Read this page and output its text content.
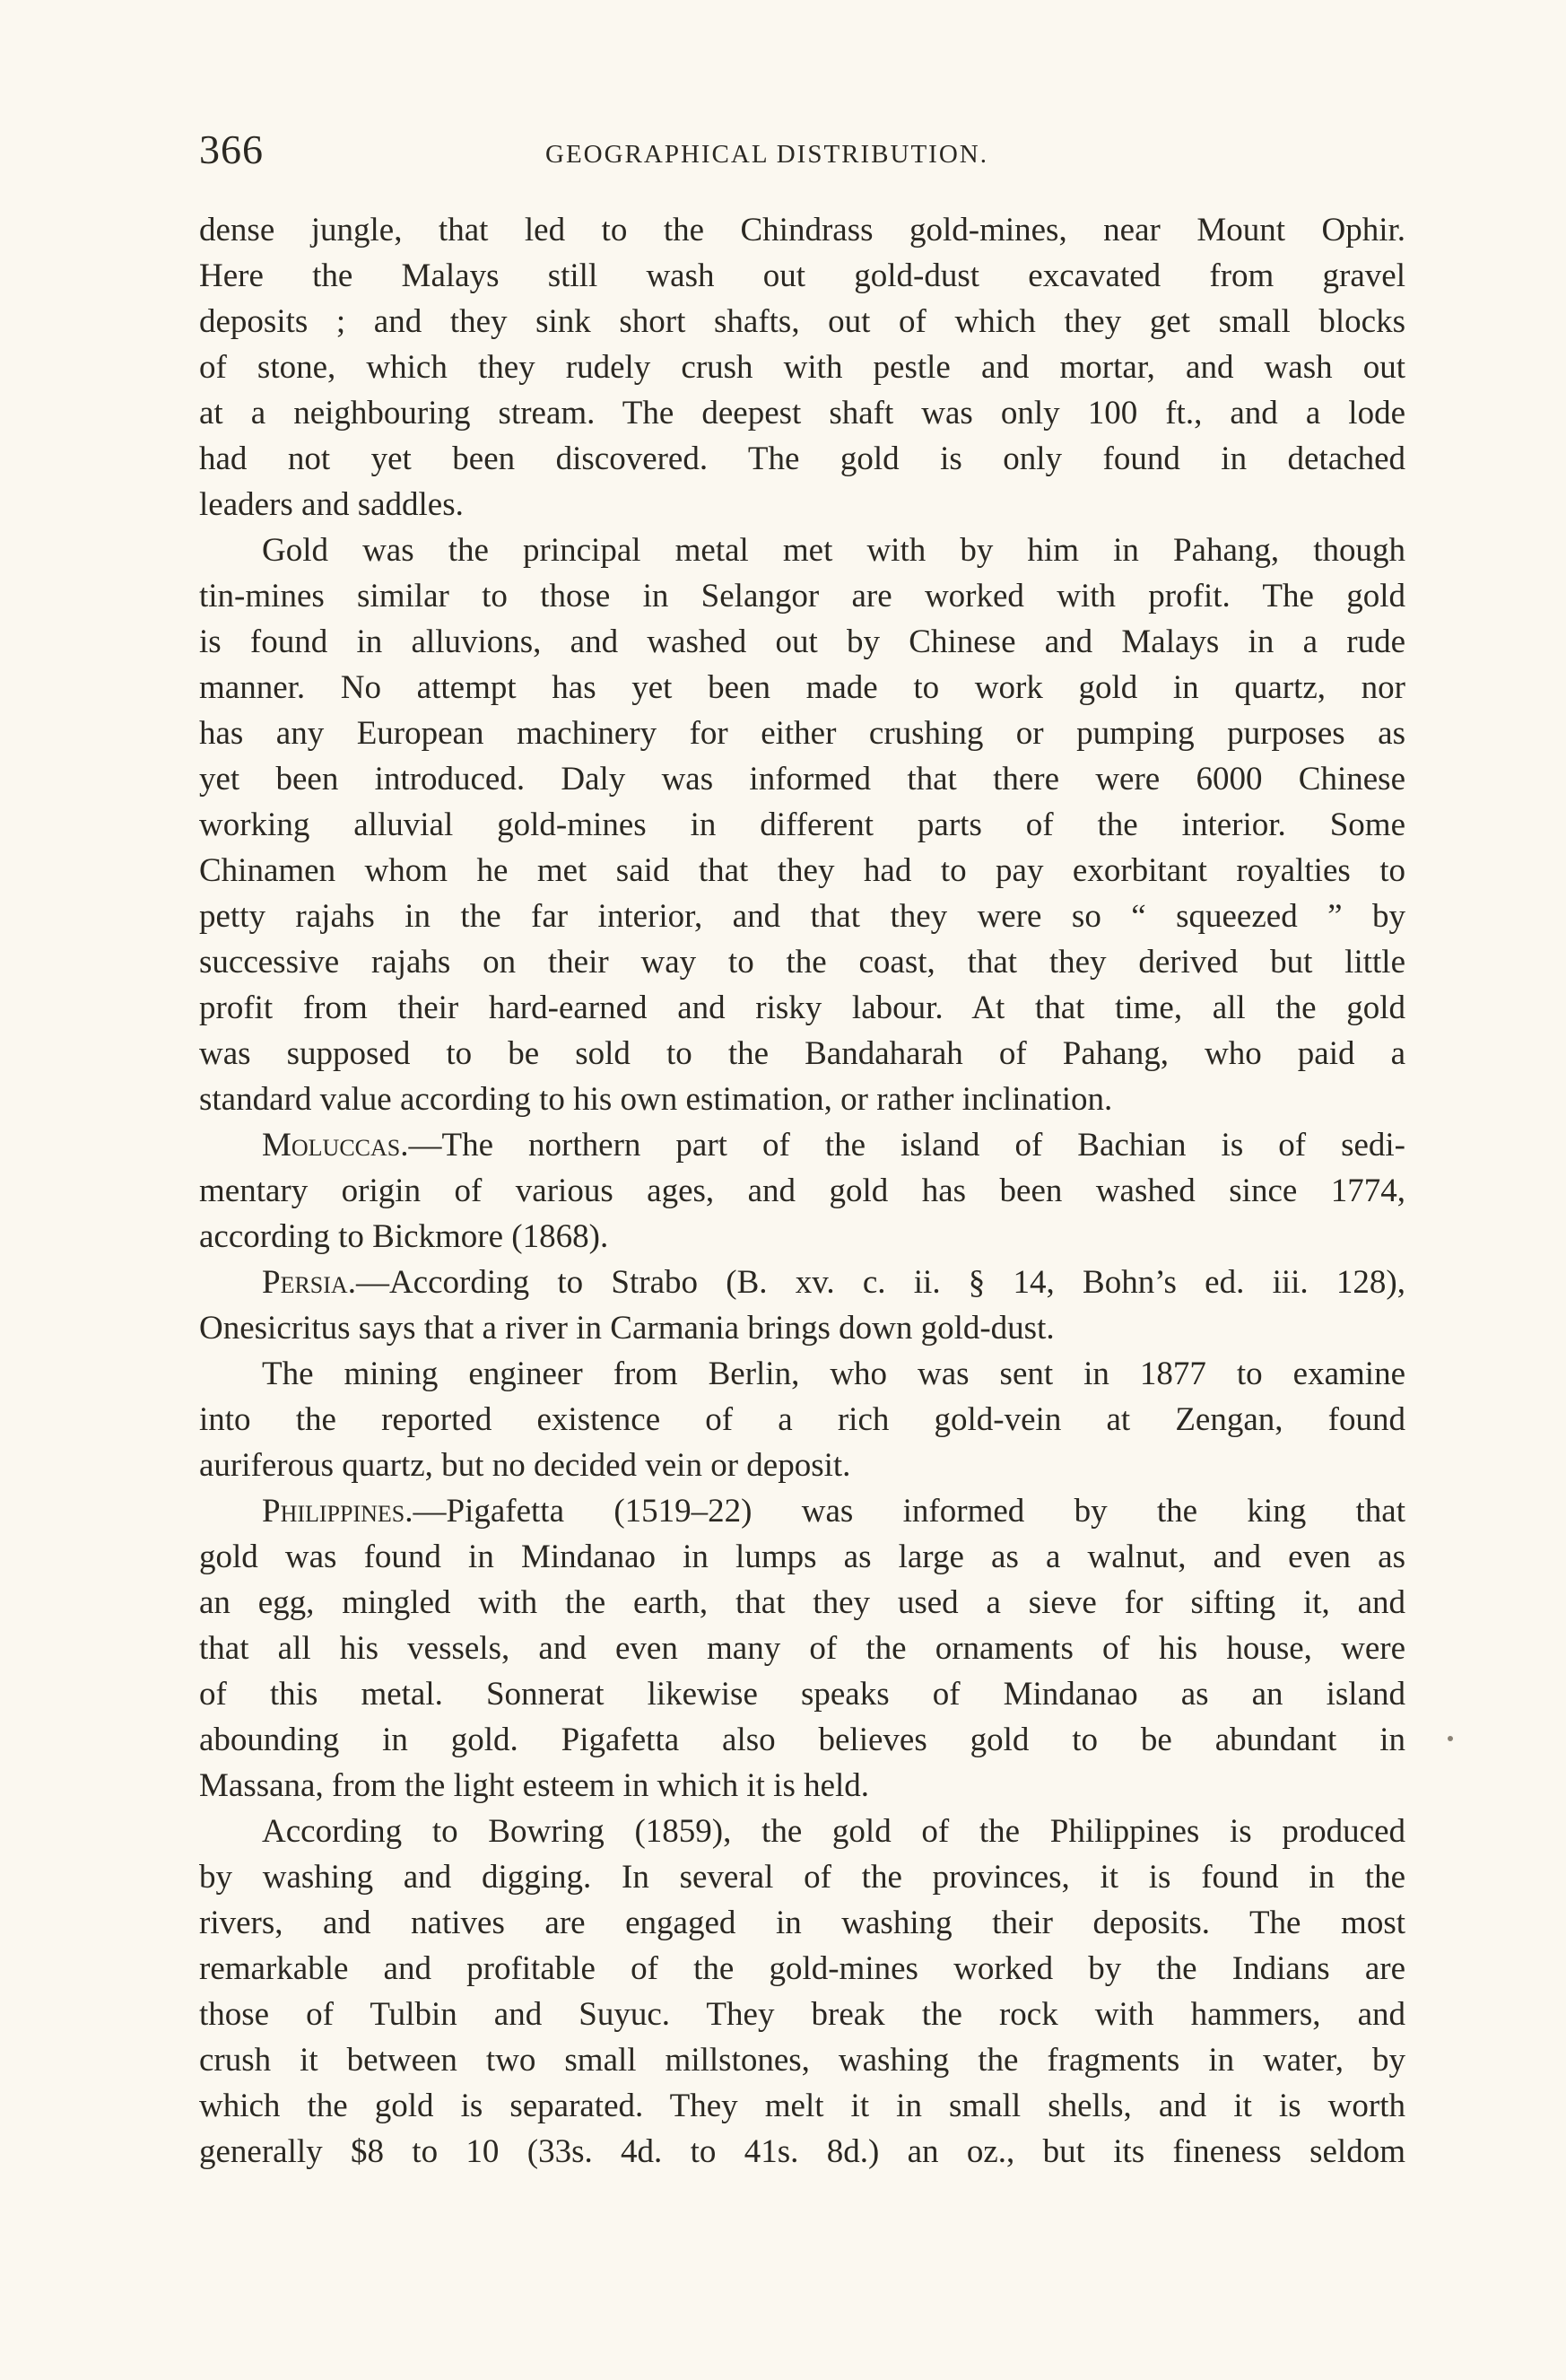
366	GEOGRAPHICAL DISTRIBUTION.
dense jungle, that led to the Chindrass gold-mines, near Mount Ophir.
Here the Malays still wash out gold-dust excavated from gravel
deposits ; and they sink short shafts, out of which they get small blocks
of stone, which they rudely crush with pestle and mortar, and wash out
at a neighbouring stream. The deepest shaft was only 100 ft., and a lode
had not yet been discovered. The gold is only found in detached
leaders and saddles.
Gold was the principal metal met with by him in Pahang, though
tin-mines similar to those in Selangor are worked with profit. The gold
is found in alluvions, and washed out by Chinese and Malays in a rude
manner. No attempt has yet been made to work gold in quartz, nor
has any European machinery for either crushing or pumping purposes as
yet been introduced. Daly was informed that there were 6000 Chinese
working alluvial gold-mines in different parts of the interior. Some
Chinamen whom he met said that they had to pay exorbitant royalties to
petty rajahs in the far interior, and that they were so “ squeezed ” by
successive rajahs on their way to the coast, that they derived but little
profit from their hard-earned and risky labour. At that time, all the gold
was supposed to be sold to the Bandaharah of Pahang, who paid a
standard value according to his own estimation, or rather inclination.
Moluccas.—The northern part of the island of Bachian is of sedi-
mentary origin of various ages, and gold has been washed since 1774,
according to Bickmore (1868).
Persia.—According to Strabo (B. xv. c. ii. § 14, Bohn’s ed. iii. 128),
Onesicritus says that a river in Carmania brings down gold-dust.
The mining engineer from Berlin, who was sent in 1877 to examine
into the reported existence of a rich gold-vein at Zengan, found
auriferous quartz, but no decided vein or deposit.
Philippines.—Pigafetta (1519–22) was informed by the king that
gold was found in Mindanao in lumps as large as a walnut, and even as
an egg, mingled with the earth, that they used a sieve for sifting it, and
that all his vessels, and even many of the ornaments of his house, were
of this metal. Sonnerat likewise speaks of Mindanao as an island
abounding in gold. Pigafetta also believes gold to be abundant in
Massana, from the light esteem in which it is held.
According to Bowring (1859), the gold of the Philippines is produced
by washing and digging. In several of the provinces, it is found in the
rivers, and natives are engaged in washing their deposits. The most
remarkable and profitable of the gold-mines worked by the Indians are
those of Tulbin and Suyuc. They break the rock with hammers, and
crush it between two small millstones, washing the fragments in water, by
which the gold is separated. They melt it in small shells, and it is worth
generally $8 to 10 (33s. 4d. to 41s. 8d.) an oz., but its fineness seldom
